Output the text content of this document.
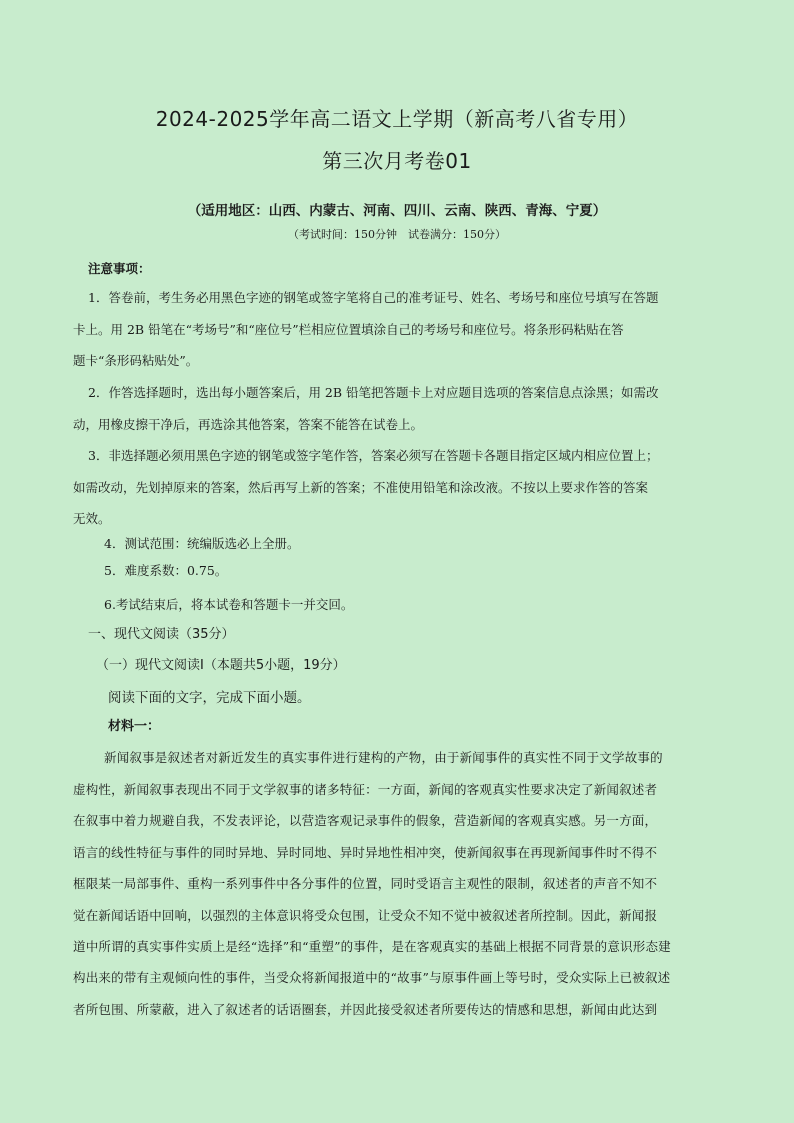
2024-2025学年高二语文上学期（新高考八省专用）
第三次月考卷01
（适用地区：山西、内蒙古、河南、四川、云南、陕西、青海、宁夏）
（考试时间：150分钟　试卷满分：150分）
注意事项：
1．答卷前，考生务必用黑色字迹的钢笔或签字笔将自己的准考证号、姓名、考场号和座位号填写在答题
卡上。用 2B 铅笔在“考场号”和“座位号”栏相应位置填涂自己的考场号和座位号。将条形码粘贴在答
题卡“条形码粘贴处”。
2．作答选择题时，选出每小题答案后，用 2B 铅笔把答题卡上对应题目选项的答案信息点涂黑；如需改
动，用橡皮擦干净后，再选涂其他答案，答案不能答在试卷上。
3．非选择题必须用黑色字迹的钢笔或签字笔作答，答案必须写在答题卡各题目指定区域内相应位置上；
如需改动，先划掉原来的答案，然后再写上新的答案；不准使用铅笔和涂改液。不按以上要求作答的答案
无效。
4．测试范围：统编版选必上全册。
5．难度系数：0.75。
6.考试结束后，将本试卷和答题卡一并交回。
一、现代文阅读（35分）
（一）现代文阅读Ⅰ（本题共5小题，19分）
阅读下面的文字，完成下面小题。
材料一：
新闻叙事是叙述者对新近发生的真实事件进行建构的产物，由于新闻事件的真实性不同于文学故事的
虚构性，新闻叙事表现出不同于文学叙事的诸多特征：一方面，新闻的客观真实性要求决定了新闻叙述者
在叙事中着力规避自我，不发表评论，以营造客观记录事件的假象，营造新闻的客观真实感。另一方面，
语言的线性特征与事件的同时异地、异时同地、异时异地性相冲突，使新闻叙事在再现新闻事件时不得不
框限某一局部事件、重构一系列事件中各分事件的位置，同时受语言主观性的限制，叙述者的声音不知不
觉在新闻话语中回响，以强烈的主体意识将受众包围，让受众不知不觉中被叙述者所控制。因此，新闻报
道中所谓的真实事件实质上是经“选择”和“重塑”的事件，是在客观真实的基础上根据不同背景的意识形态建
构出来的带有主观倾向性的事件，当受众将新闻报道中的“故事”与原事件画上等号时，受众实际上已被叙述
者所包围、所蒙蔽，进入了叙述者的话语圈套，并因此接受叙述者所要传达的情感和思想，新闻由此达到
